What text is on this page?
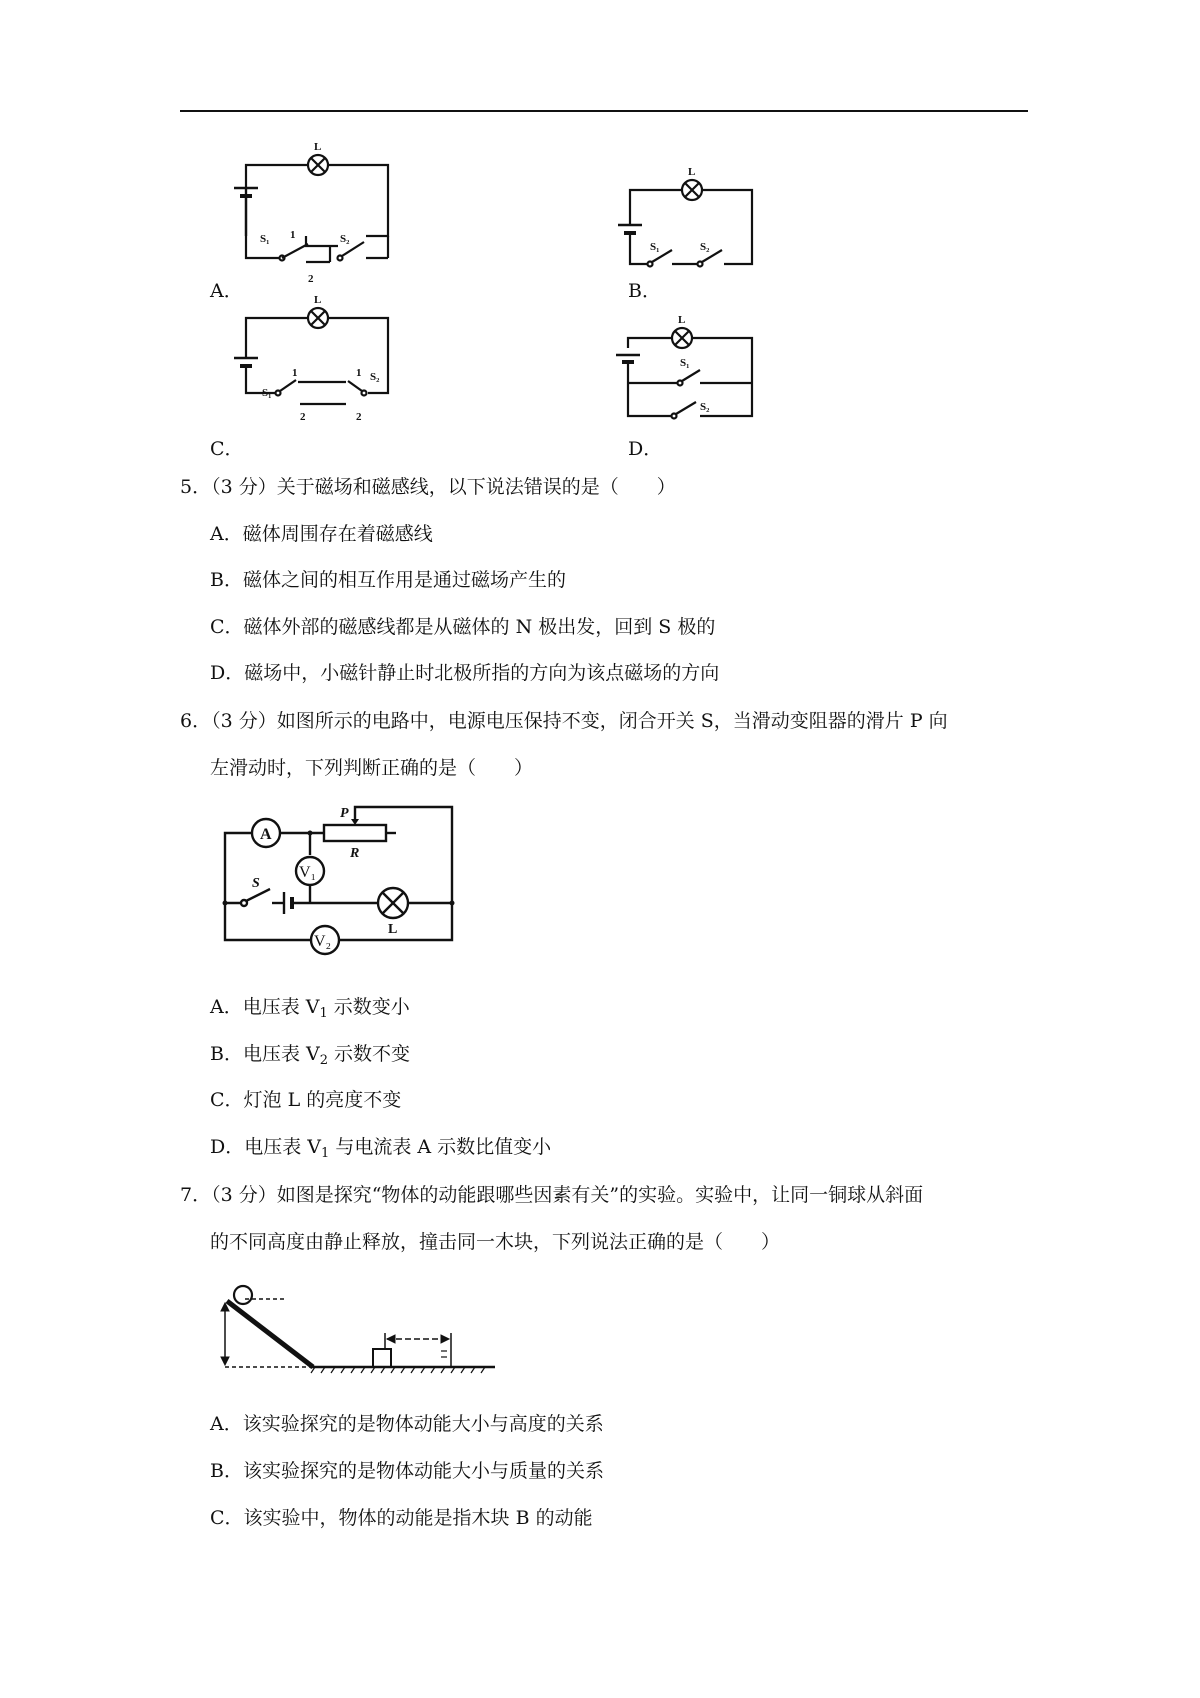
L
S₁ 1	S₂
2
L
S₁	S₂
L
S₁
1	1 S₂
2	2
L
S₁
S₂
A．	B．
C．	D．
5．（3 分）关于磁场和磁感线，以下说法错误的是（　　）
A．磁体周围存在着磁感线
B．磁体之间的相互作用是通过磁场产生的
C．磁体外部的磁感线都是从磁体的 N 极出发，回到 S 极的
D．磁场中，小磁针静止时北极所指的方向为该点磁场的方向
6．（3 分）如图所示的电路中，电源电压保持不变，闭合开关 S，当滑动变阻器的滑片 P 向
左滑动时，下列判断正确的是（　　）
A
V₁
V₂
S
P
R
L
A．电压表 $V_1$ 示数变小
B．电压表 $V_2$ 示数不变
C．灯泡 L 的亮度不变
D．电压表 $V_1$ 与电流表 A 示数比值变小
7．（3 分）如图是探究“物体的动能跟哪些因素有关”的实验。实验中，让同一铜球从斜面
的不同高度由静止释放，撞击同一木块，下列说法正确的是（　　）
A．该实验探究的是物体动能大小与高度的关系
B．该实验探究的是物体动能大小与质量的关系
C．该实验中，物体的动能是指木块 B 的动能
